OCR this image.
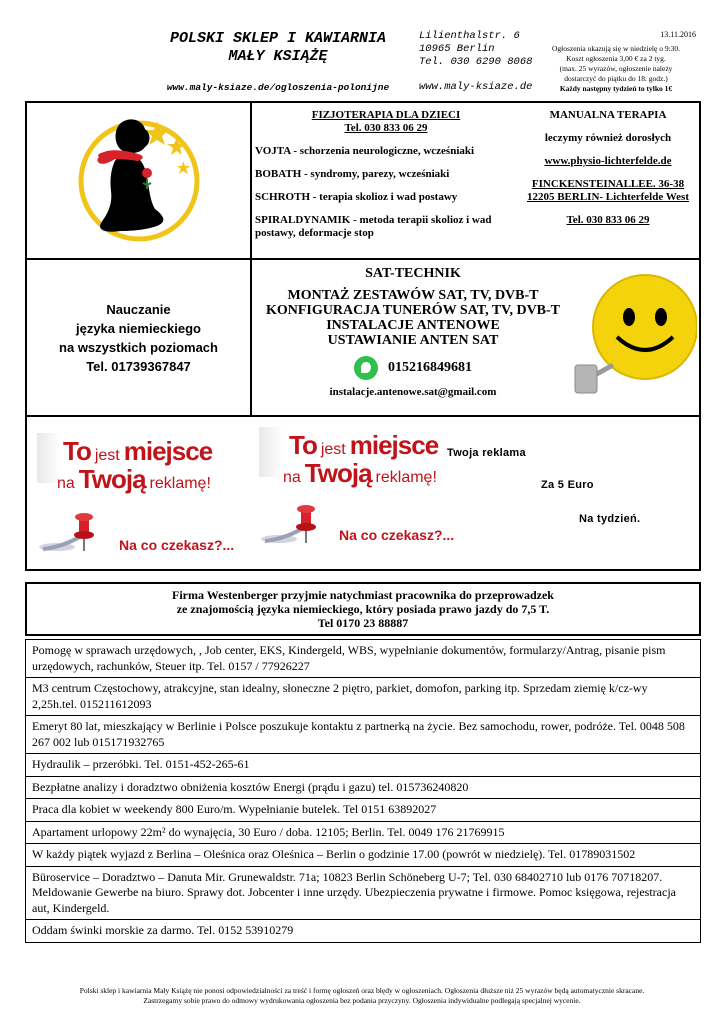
POLSKI SKLEP I KAWIARNIA
MAŁY KSIĄŻĘ
www.maly-ksiaze.de/ogloszenia-polonijne
Lilienthalstr. 6
10965 Berlin
Tel. 030 6290 8068
www.maly-ksiaze.de
13.11.2016
Ogłoszenia ukazują się w niedzielę o 9:30.
Koszt ogłoszenia 3,00 € za 2 tyg.
(max. 25 wyrazów, ogłoszenie należy
dostarczyć do piątku do 18. godz.)
Każdy następny tydzień to tylko 1€
FIZJOTERAPIA DLA DZIECI
Tel. 030 833 06 29
VOJTA - schorzenia neurologiczne, wcześniaki
BOBATH - syndromy, parezy, wcześniaki
SCHROTH - terapia skolioz i wad postawy
SPIRALDYNAMIK - metoda terapii skolioz i wad postawy, deformacje stop
MANUALNA TERAPIA
leczymy również dorosłych
www.physio-lichterfelde.de
FINCKENSTEINALLEE. 36-38
12205 BERLIN- Lichterfelde West
Tel. 030 833 06 29
Nauczanie
języka niemieckiego
na wszystkich poziomach
Tel. 01739367847
SAT-TECHNIK
MONTAŻ ZESTAWÓW SAT, TV, DVB-T
KONFIGURACJA TUNERÓW SAT, TV, DVB-T
INSTALACJE ANTENOWE
USTAWIANIE ANTEN SAT
015216849681
instalacje.antenowe.sat@gmail.com
To jest miejsce
na Twoją reklamę!
Na co czekasz?...
To jest miejsce
na Twoją reklamę!
Na co czekasz?...
Twoja reklama
Za 5 Euro
Na tydzień.
Firma Westenberger przyjmie natychmiast pracownika do przeprowadzek
ze znajomością języka niemieckiego, który posiada prawo jazdy do 7,5 T.
Tel 0170 23 88887
Pomogę w sprawach urzędowych, , Job center, EKS, Kindergeld, WBS, wypełnianie dokumentów, formularzy/Antrag, pisanie pism urzędowych, rachunków, Steuer itp. Tel. 0157 / 77926227
M3 centrum Częstochowy, atrakcyjne, stan idealny, słoneczne 2 piętro, parkiet, domofon, parking itp. Sprzedam ziemię k/cz-wy 2,25h.tel. 015211612093
Emeryt 80 lat, mieszkający w Berlinie i Polsce poszukuje kontaktu z partnerką na życie. Bez samochodu, rower, podróże. Tel. 0048 508 267 002 lub 015171932765
Hydraulik – przeróbki. Tel. 0151-452-265-61
Bezpłatne analizy i doradztwo obniżenia kosztów Energi (prądu i gazu) tel. 015736240820
Praca dla kobiet w weekendy 800 Euro/m. Wypełnianie butelek. Tel 0151 63892027
Apartament urlopowy 22m² do wynajęcia, 30 Euro / doba. 12105; Berlin. Tel. 0049 176 21769915
W każdy piątek wyjazd z Berlina – Oleśnica oraz Oleśnica – Berlin o godzinie 17.00 (powrót w niedzielę). Tel. 01789031502
Büroservice – Doradztwo – Danuta Mir. Grunewaldstr. 71a; 10823 Berlin Schöneberg U-7; Tel. 030 68402710 lub 0176 70718207. Meldowanie Gewerbe na biuro. Sprawy dot. Jobcenter i inne urzędy. Ubezpieczenia prywatne i firmowe. Pomoc księgowa, rejestracja aut, Kindergeld.
Oddam świnki morskie za darmo. Tel. 0152 53910279
Polski sklep i kawiarnia Mały Książę nie ponosi odpowiedzialności za treść i formę ogłoszeń oraz błędy w ogłoszeniach. Ogłoszenia dłuższe niż 25 wyrazów będą automatycznie skracane.
Zastrzegamy sobie prawo do odmowy wydrukowania ogłoszenia bez podania przyczyny. Ogłoszenia indywidualne podlegają specjalnej wycenie.
